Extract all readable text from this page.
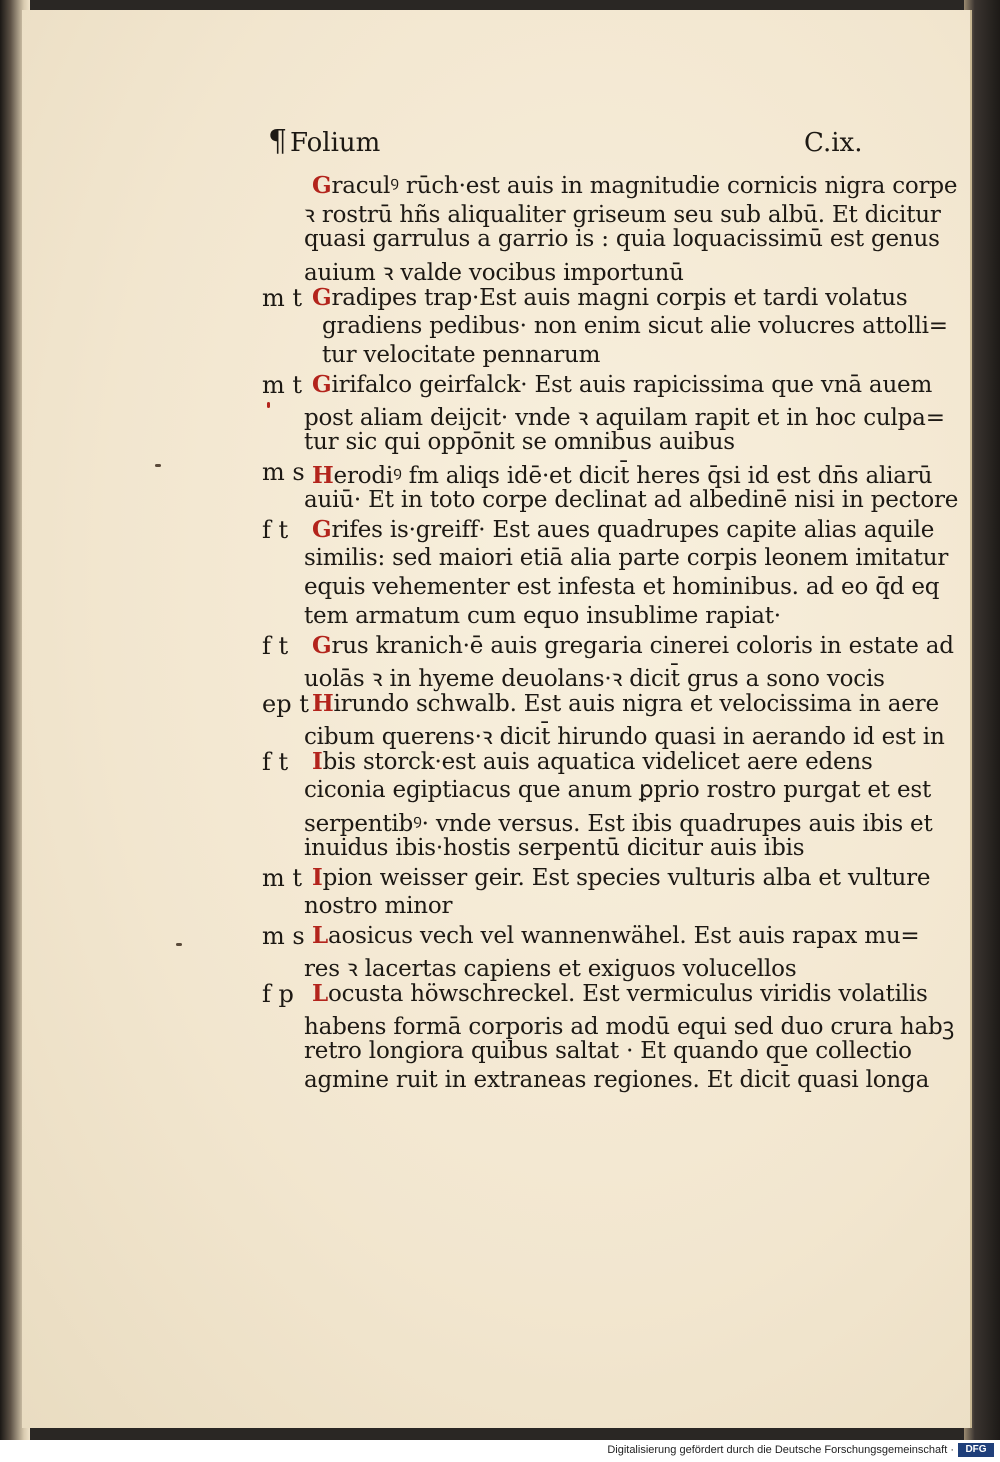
¶ Folium	C.ix.
Graculꝰ rūch·est auis in magnitudie cornicis nigra corpe
ꝛ rostrū hñs aliqualiter griseum seu sub albū. Et dicitur
quasi garrulus a garrio is : quia loquacissimū est genus
auium ꝛ valde vocibus importunū
m t Gradipes trap·Est auis magni corpis et tardi volatus
gradiens pedibus· non enim sicut alie volucres attolli=
tur velocitate pennarum
m t Girifalco geirfalck· Est auis rapicissima que vnā auem
post aliam deijcit· vnde ꝛ aquilam rapit et in hoc culpa=
tur sic qui oppōnit se omnibus auibus
m s Herodiꝰ fm aliqs idē·et dicit̄ heres q̄si id est dn̄s aliarū
auiū· Et in toto corpe declinat ad albedinē nisi in pectore
f t Grifes is·greiff· Est aues quadrupes capite alias aquile
similis: sed maiori etiā alia parte corpis leonem imitatur
equis vehementer est infesta et hominibus. ad eo q̄d eq
tem armatum cum equo insublime rapiat·
f t Grus kranich·ē auis gregaria cinerei coloris in estate ad
uolās ꝛ in hyeme deuolans·ꝛ dicit̄ grus a sono vocis
ep t Hirundo schwalb. Est auis nigra et velocissima in aere
cibum querens·ꝛ dicit̄ hirundo quasi in aerando id est in
f t Ibis storck·est auis aquatica videlicet aere edens
ciconia egiptiacus que anum ꝑprio rostro purgat et est
serpentibꝰ· vnde versus. Est ibis quadrupes auis ibis et
inuidus ibis·hostis serpentū dicitur auis ibis
m t Ipion weisser geir. Est species vulturis alba et vulture
nostro minor
m s Laosicus vech vel wannenwähel. Est auis rapax mu=
res ꝛ lacertas capiens et exiguos volucellos
f p Locusta höwschreckel. Est vermiculus viridis volatilis
habens formā corporis ad modū equi sed duo crura habꝫ
retro longiora quibus saltat · Et quando que collectio
agmine ruit in extraneas regiones. Et dicit̄ quasi longa
Digitalisierung gefördert durch die Deutsche Forschungsgemeinschaft ·	DFG
